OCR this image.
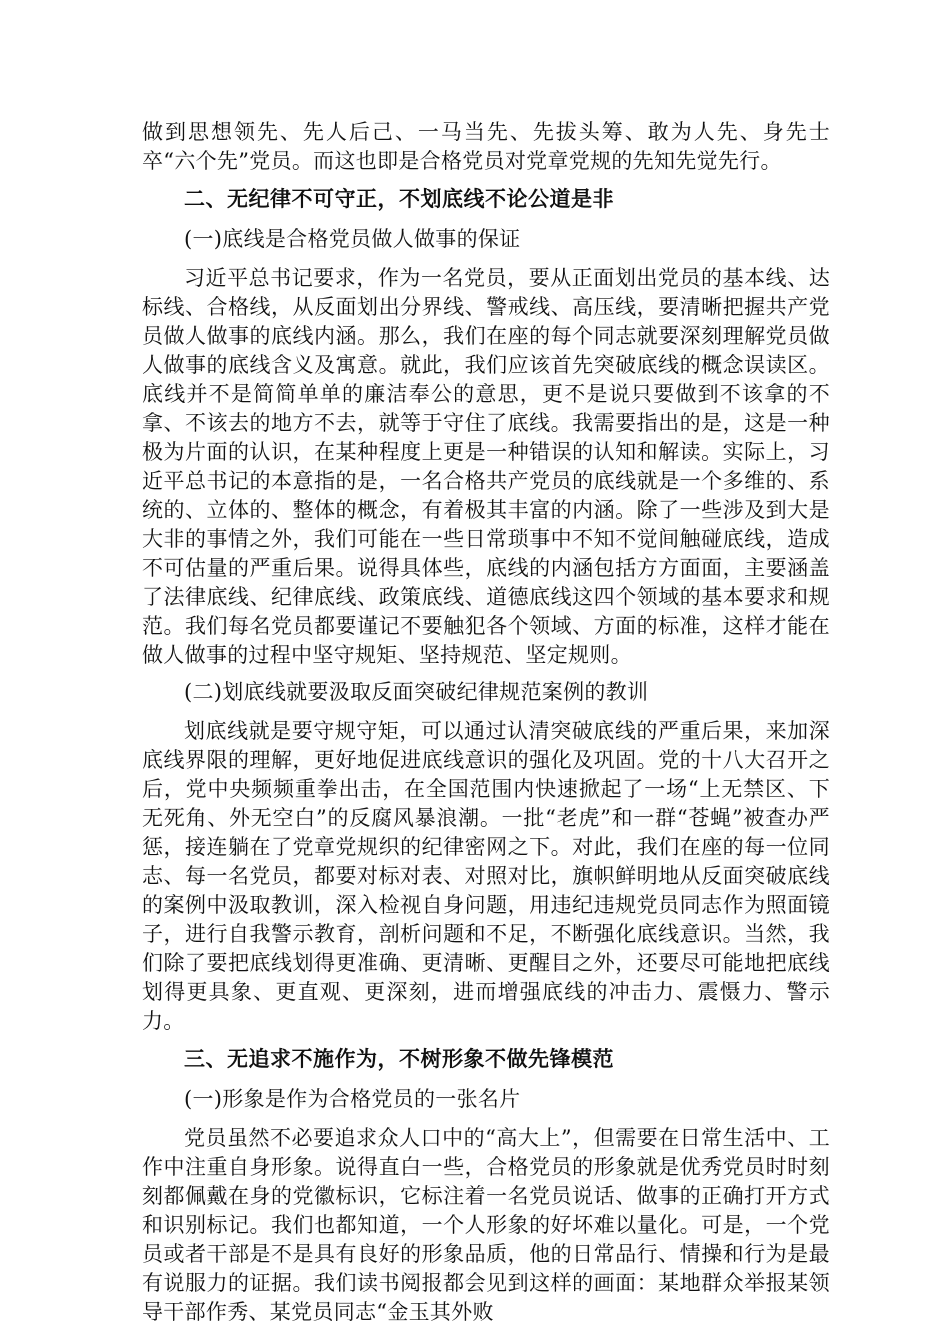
做到思想领先、先人后己、一马当先、先拔头筹、敢为人先、身先士卒“六个先”党员。而这也即是合格党员对党章党规的先知先觉先行。

二、无纪律不可守正，不划底线不论公道是非

(一)底线是合格党员做人做事的保证

习近平总书记要求，作为一名党员，要从正面划出党员的基本线、达标线、合格线，从反面划出分界线、警戒线、高压线，要清晰把握共产党员做人做事的底线内涵。那么，我们在座的每个同志就要深刻理解党员做人做事的底线含义及寓意。就此，我们应该首先突破底线的概念误读区。底线并不是简简单单的廉洁奉公的意思，更不是说只要做到不该拿的不拿、不该去的地方不去，就等于守住了底线。我需要指出的是，这是一种极为片面的认识，在某种程度上更是一种错误的认知和解读。实际上，习近平总书记的本意指的是，一名合格共产党员的底线就是一个多维的、系统的、立体的、整体的概念，有着极其丰富的内涵。除了一些涉及到大是大非的事情之外，我们可能在一些日常琐事中不知不觉间触碰底线，造成不可估量的严重后果。说得具体些，底线的内涵包括方方面面，主要涵盖了法律底线、纪律底线、政策底线、道德底线这四个领域的基本要求和规范。我们每名党员都要谨记不要触犯各个领域、方面的标准，这样才能在做人做事的过程中坚守规矩、坚持规范、坚定规则。

(二)划底线就要汲取反面突破纪律规范案例的教训

划底线就是要守规守矩，可以通过认清突破底线的严重后果，来加深底线界限的理解，更好地促进底线意识的强化及巩固。党的十八大召开之后，党中央频频重拳出击，在全国范围内快速掀起了一场“上无禁区、下无死角、外无空白”的反腐风暴浪潮。一批“老虎”和一群“苍蝇”被查办严惩，接连躺在了党章党规织的纪律密网之下。对此，我们在座的每一位同志、每一名党员，都要对标对表、对照对比，旗帜鲜明地从反面突破底线的案例中汲取教训，深入检视自身问题，用违纪违规党员同志作为照面镜子，进行自我警示教育，剖析问题和不足，不断强化底线意识。当然，我们除了要把底线划得更准确、更清晰、更醒目之外，还要尽可能地把底线划得更具象、更直观、更深刻，进而增强底线的冲击力、震慑力、警示力。

三、无追求不施作为，不树形象不做先锋模范

(一)形象是作为合格党员的一张名片

党员虽然不必要追求众人口中的“高大上”，但需要在日常生活中、工作中注重自身形象。说得直白一些，合格党员的形象就是优秀党员时时刻刻都佩戴在身的党徽标识，它标注着一名党员说话、做事的正确打开方式和识别标记。我们也都知道，一个人形象的好坏难以量化。可是，一个党员或者干部是不是具有良好的形象品质，他的日常品行、情操和行为是最有说服力的证据。我们读书阅报都会见到这样的画面：某地群众举报某领导干部作秀、某党员同志“金玉其外败
